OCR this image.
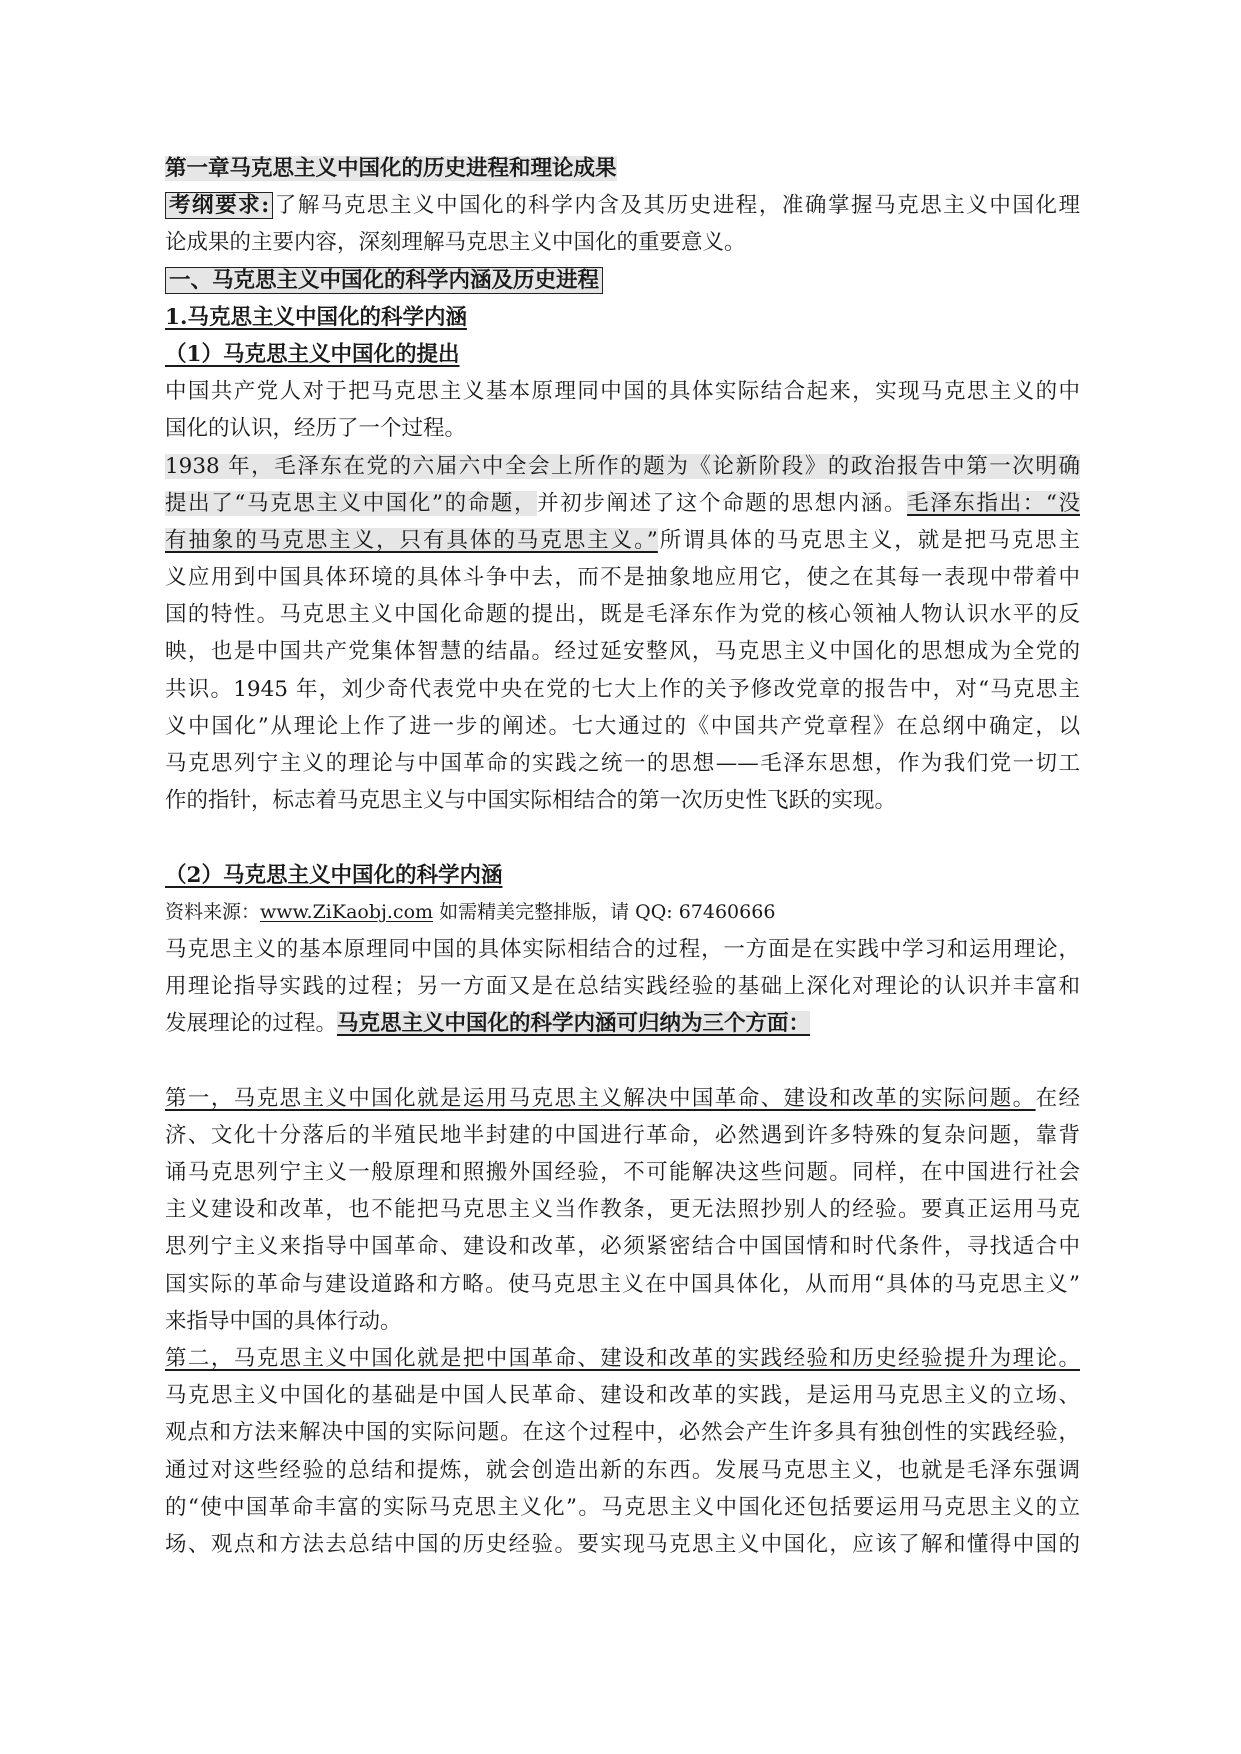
第一章马克思主义中国化的历史进程和理论成果
考纲要求: 了解马克思主义中国化的科学内含及其历史进程，准确掌握马克思主义中国化理
论成果的主要内容，深刻理解马克思主义中国化的重要意义。
一、马克思主义中国化的科学内涵及历史进程
1.马克思主义中国化的科学内涵
（1）马克思主义中国化的提出
中国共产党人对于把马克思主义基本原理同中国的具体实际结合起来，实现马克思主义的中
国化的认识，经历了一个过程。
1938 年，毛泽东在党的六届六中全会上所作的题为《论新阶段》的政治报告中第一次明确
提出了“马克思主义中国化”的命题，并初步阐述了这个命题的思想内涵。毛泽东指出：“没
有抽象的马克思主义，只有具体的马克思主义。”所谓具体的马克思主义，就是把马克思主
义应用到中国具体环境的具体斗争中去，而不是抽象地应用它，使之在其每一表现中带着中
国的特性。马克思主义中国化命题的提出，既是毛泽东作为党的核心领袖人物认识水平的反
映，也是中国共产党集体智慧的结晶。经过延安整风，马克思主义中国化的思想成为全党的
共识。1945 年，刘少奇代表党中央在党的七大上作的关予修改党章的报告中，对“马克思主
义中国化”从理论上作了进一步的阐述。七大通过的《中国共产党章程》在总纲中确定，以
马克思列宁主义的理论与中国革命的实践之统一的思想——毛泽东思想，作为我们党一切工
作的指针，标志着马克思主义与中国实际相结合的第一次历史性飞跃的实现。
（2）马克思主义中国化的科学内涵
资料来源：www.ZiKaobj.com 如需精美完整排版，请 QQ: 67460666
马克思主义的基本原理同中国的具体实际相结合的过程，一方面是在实践中学习和运用理论，
用理论指导实践的过程；另一方面又是在总结实践经验的基础上深化对理论的认识并丰富和
发展理论的过程。马克思主义中国化的科学内涵可归纳为三个方面：
第一，马克思主义中国化就是运用马克思主义解决中国革命、建设和改革的实际问题。在经
济、文化十分落后的半殖民地半封建的中国进行革命，必然遇到许多特殊的复杂问题，靠背
诵马克思列宁主义一般原理和照搬外国经验，不可能解决这些问题。同样，在中国进行社会
主义建设和改革，也不能把马克思主义当作教条，更无法照抄别人的经验。要真正运用马克
思列宁主义来指导中国革命、建设和改革，必须紧密结合中国国情和时代条件，寻找适合中
国实际的革命与建设道路和方略。使马克思主义在中国具体化，从而用“具体的马克思主义”
来指导中国的具体行动。
第二，马克思主义中国化就是把中国革命、建设和改革的实践经验和历史经验提升为理论。
马克思主义中国化的基础是中国人民革命、建设和改革的实践，是运用马克思主义的立场、
观点和方法来解决中国的实际问题。在这个过程中，必然会产生许多具有独创性的实践经验，
通过对这些经验的总结和提炼，就会创造出新的东西。发展马克思主义，也就是毛泽东强调
的“使中国革命丰富的实际马克思主义化”。马克思主义中国化还包括要运用马克思主义的立
场、观点和方法去总结中国的历史经验。要实现马克思主义中国化，应该了解和懂得中国的
